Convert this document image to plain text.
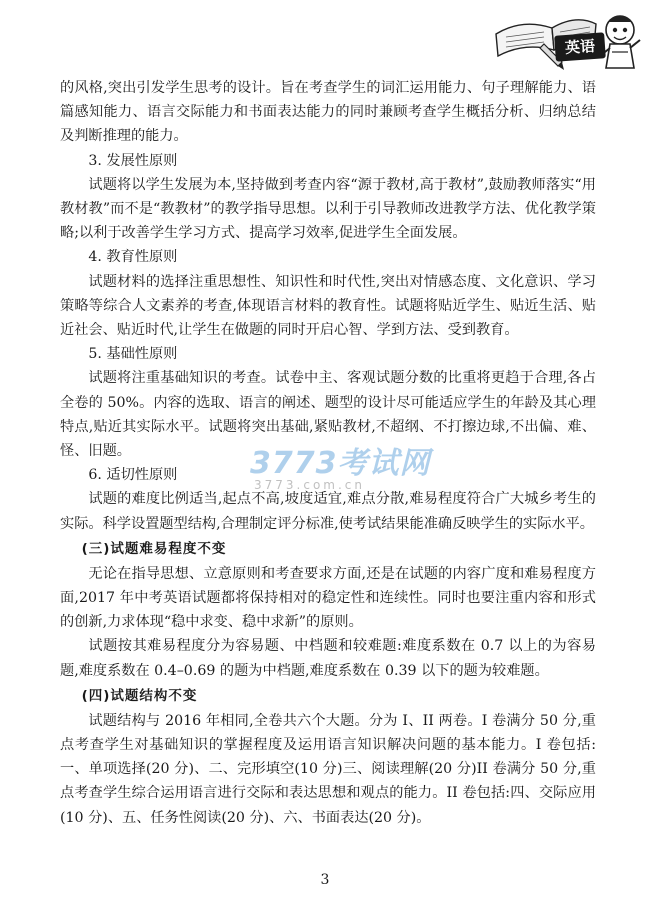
英语

的风格,突出引发学生思考的设计。旨在考查学生的词汇运用能力、句子理解能力、语篇感知能力、语言交际能力和书面表达能力的同时兼顾考查学生概括分析、归纳总结及判断推理的能力。

3. 发展性原则

试题将以学生发展为本,坚持做到考查内容“源于教材,高于教材”,鼓励教师落实“用教材教”而不是“教教材”的教学指导思想。以利于引导教师改进教学方法、优化教学策略;以利于改善学生学习方式、提高学习效率,促进学生全面发展。

4. 教育性原则

试题材料的选择注重思想性、知识性和时代性,突出对情感态度、文化意识、学习策略等综合人文素养的考查,体现语言材料的教育性。试题将贴近学生、贴近生活、贴近社会、贴近时代,让学生在做题的同时开启心智、学到方法、受到教育。

5. 基础性原则

试题将注重基础知识的考查。试卷中主、客观试题分数的比重将更趋于合理,各占全卷的 50%。内容的选取、语言的阐述、题型的设计尽可能适应学生的年龄及其心理特点,贴近其实际水平。试题将突出基础,紧贴教材,不超纲、不打擦边球,不出偏、难、怪、旧题。

6. 适切性原则

试题的难度比例适当,起点不高,坡度适宜,难点分散,难易程度符合广大城乡考生的实际。科学设置题型结构,合理制定评分标准,使考试结果能准确反映学生的实际水平。

(三)试题难易程度不变

无论在指导思想、立意原则和考查要求方面,还是在试题的内容广度和难易程度方面,2017 年中考英语试题都将保持相对的稳定性和连续性。同时也要注重内容和形式的创新,力求体现“稳中求变、稳中求新”的原则。

试题按其难易程度分为容易题、中档题和较难题:难度系数在 0.7 以上的为容易题,难度系数在 0.4–0.69 的题为中档题,难度系数在 0.39 以下的题为较难题。

(四)试题结构不变

试题结构与 2016 年相同,全卷共六个大题。分为 I、II 两卷。I 卷满分 50 分,重点考查学生对基础知识的掌握程度及运用语言知识解决问题的基本能力。I 卷包括:一、单项选择(20 分)、二、完形填空(10 分)三、阅读理解(20 分)II 卷满分 50 分,重点考查学生综合运用语言进行交际和表达思想和观点的能力。II 卷包括:四、交际应用(10 分)、五、任务性阅读(20 分)、六、书面表达(20 分)。

3773考试网
3773.com.cn
3
